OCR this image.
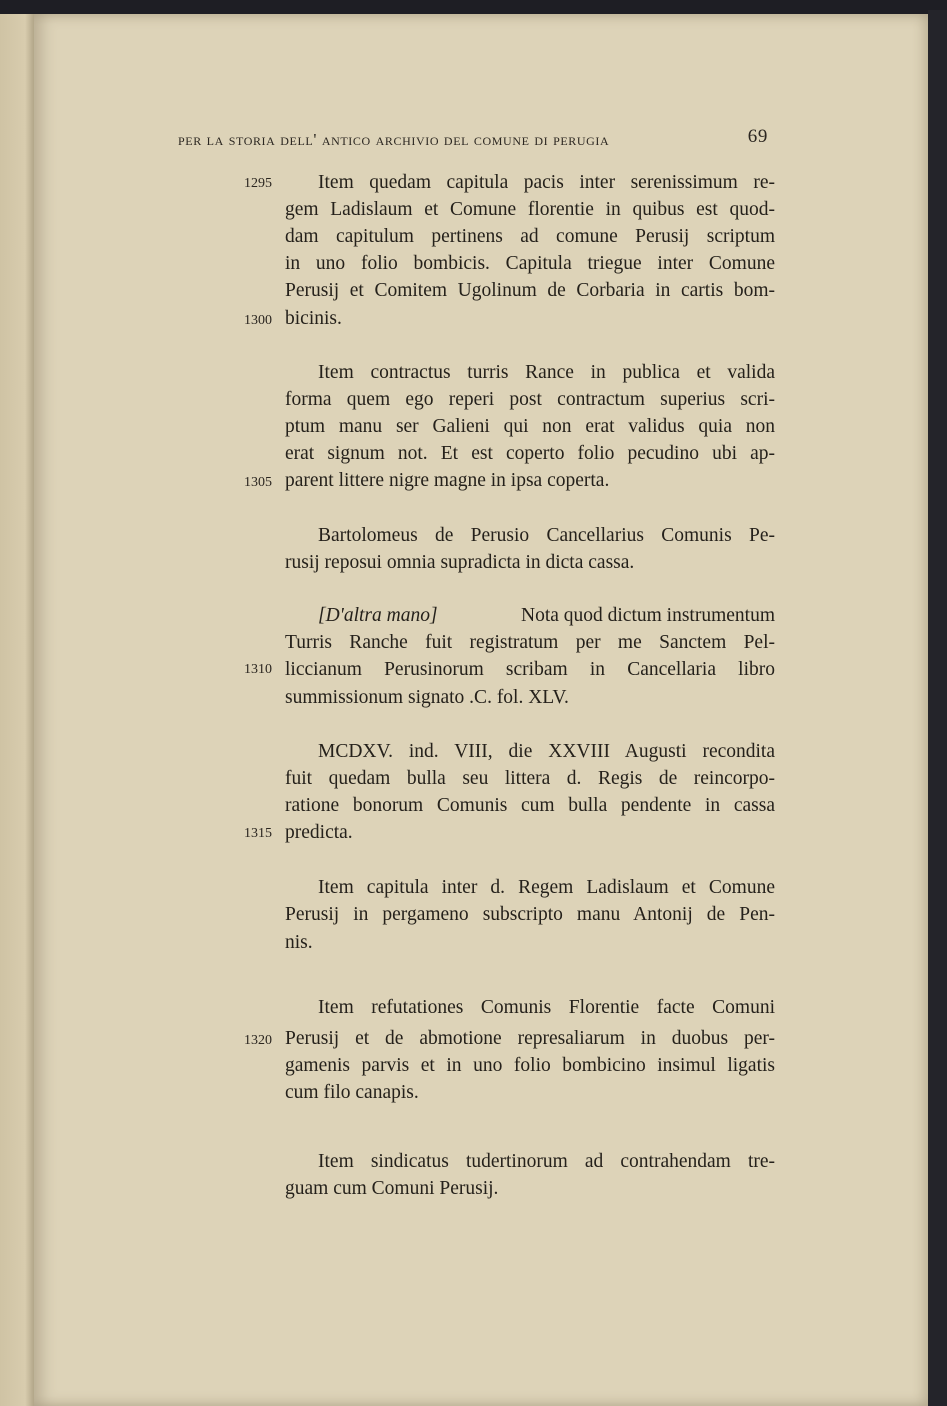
per la storia dell' antico archivio del comune di perugia	69
1295
1300
1305
1310
1315
1320
Item quedam capitula pacis inter serenissimum re-
gem Ladislaum et Comune florentie in quibus est quod-
dam capitulum pertinens ad comune Perusij scriptum
in uno folio bombicis. Capitula triegue inter Comune
Perusij et Comitem Ugolinum de Corbaria in cartis bom-
bicinis.
Item contractus turris Rance in publica et valida
forma quem ego reperi post contractum superius scri-
ptum manu ser Galieni qui non erat validus quia non
erat signum not. Et est coperto folio pecudino ubi ap-
parent littere nigre magne in ipsa coperta.
Bartolomeus de Perusio Cancellarius Comunis Pe-
rusij reposui omnia supradicta in dicta cassa.
[D'altra mano]	Nota quod dictum instrumentum
Turris Ranche fuit registratum per me Sanctem Pel-
liccianum Perusinorum scribam in Cancellaria libro
summissionum signato .C. fol. XLV.
MCDXV. ind. VIII, die XXVIII Augusti recondita
fuit quedam bulla seu littera d. Regis de reincorpo-
ratione bonorum Comunis cum bulla pendente in cassa
predicta.
Item capitula inter d. Regem Ladislaum et Comune
Perusij in pergameno subscripto manu Antonij de Pen-
nis.
Item refutationes Comunis Florentie facte Comuni
Perusij et de abmotione represaliarum in duobus per-
gamenis parvis et in uno folio bombicino insimul ligatis
cum filo canapis.
Item sindicatus tudertinorum ad contrahendam tre-
guam cum Comuni Perusij.
